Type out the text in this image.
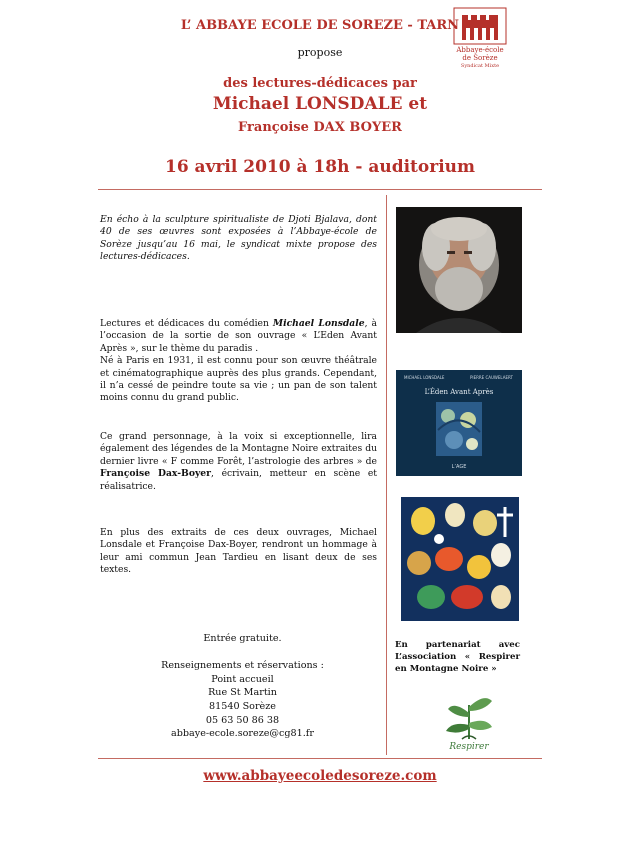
L’ ABBAYE ECOLE DE SOREZE - TARN
Abbaye-école
de Sorèze
Syndicat Mixte
propose
des lectures-dédicaces par
Michael LONSDALE et
Françoise DAX BOYER
16 avril 2010 à 18h - auditorium
En écho à la sculpture spiritualiste de Djoti Bjalava, dont 40 de ses œuvres sont exposées à l’Abbaye-école de Sorèze jusqu’au 16 mai, le syndicat mixte propose des lectures-dédicaces.
Lectures et dédicaces du comédien Michael Lonsdale, à l’occasion de la sortie de son ouvrage « L’Eden Avant Après », sur le thème du paradis .
Né à Paris en 1931, il est connu pour son œuvre théâtrale et cinématographique auprès des plus grands. Cependant, il n’a cessé de peindre toute sa vie ; un pan de son talent moins connu du grand public.
Ce grand personnage, à la voix si exceptionnelle, lira également des légendes de la Montagne Noire extraites du dernier livre « F comme Forêt, l’astrologie des arbres » de Françoise Dax-Boyer, écrivain, metteur en scène et réalisatrice.
En plus des extraits de ces deux ouvrages, Michael Lonsdale et Françoise Dax-Boyer, rendront un hommage à leur ami commun Jean Tardieu en lisant deux de ses textes.
Entrée gratuite.
Renseignements et réservations :
Point accueil
Rue St Martin
81540 Sorèze
05 63 50 86 38
abbaye-ecole.soreze@cg81.fr
MICHAEL LONSDALE	PIERRE CAUWELAERT
L’Éden Avant Après
L’AGE
En partenariat avec L’association « Respirer en Montagne Noire »
Respirer
www.abbayeecoledesoreze.com
